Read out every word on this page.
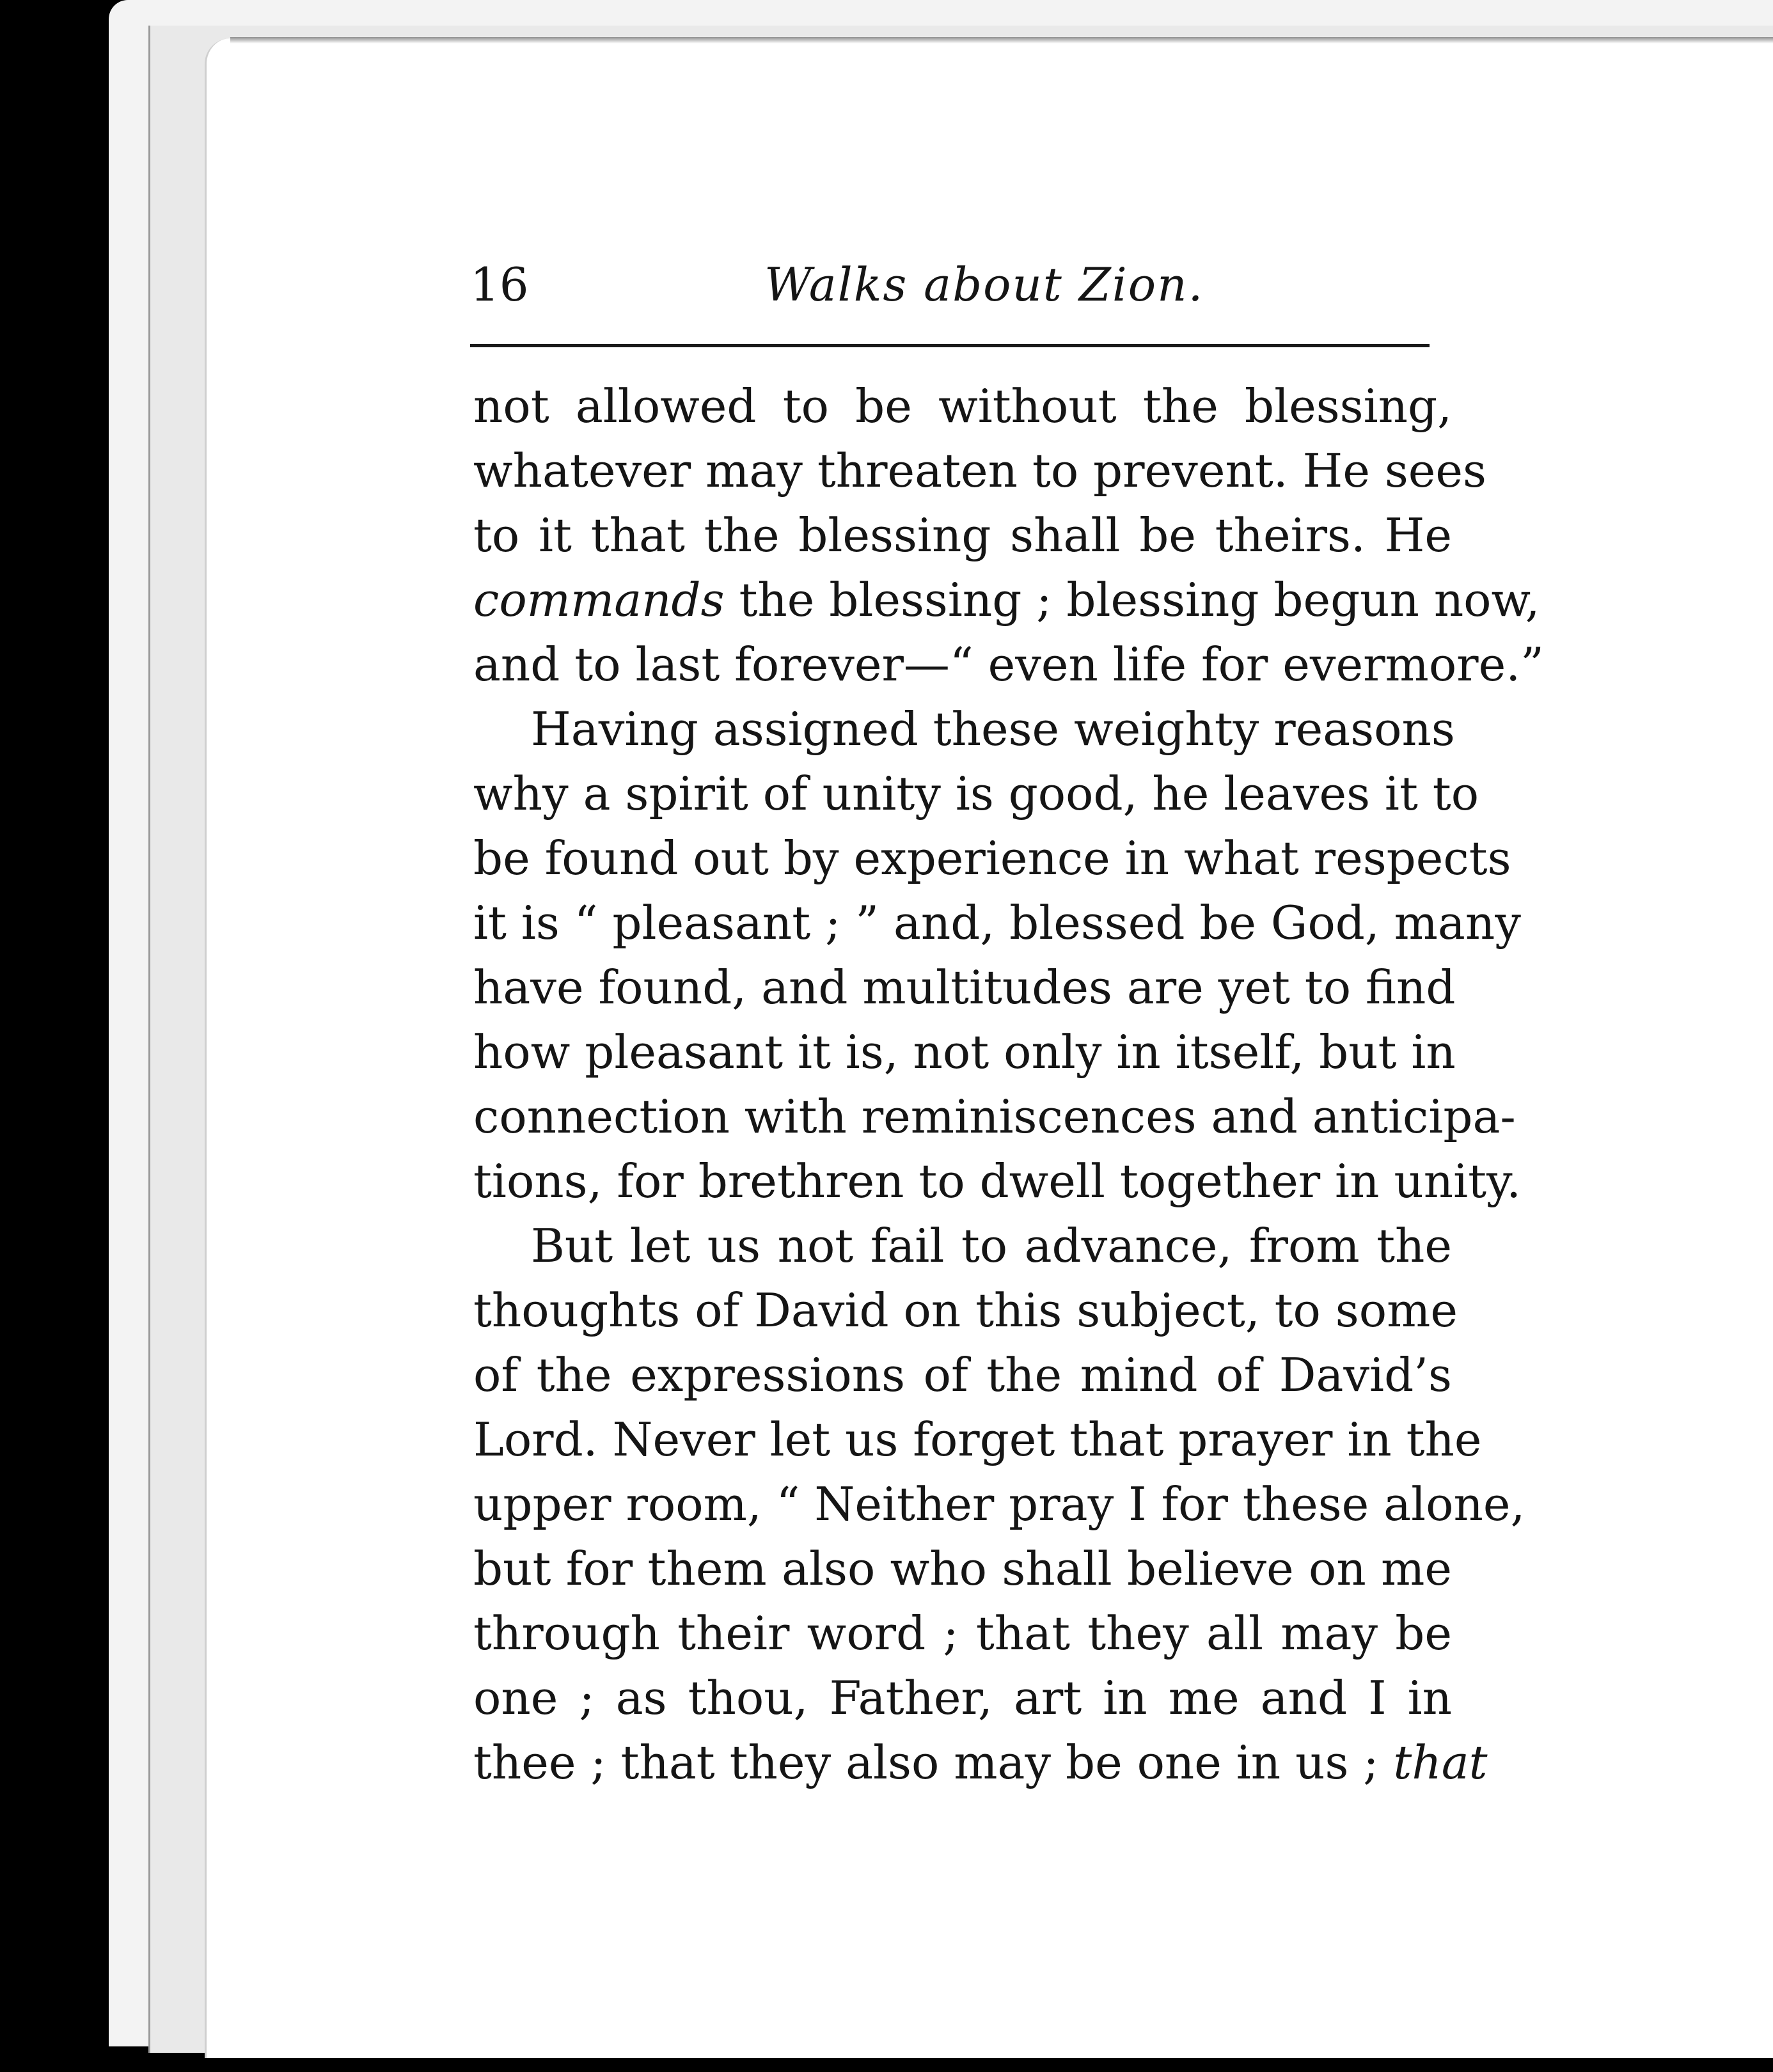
16	Walks about Zion.
not allowed to be without the blessing,
whatever may threaten to prevent. He sees
to it that the blessing shall be theirs. He
commands the blessing ; blessing begun now,
and to last forever—“ even life for evermore.”
Having assigned these weighty reasons
why a spirit of unity is good, he leaves it to
be found out by experience in what respects
it is “ pleasant ; ” and, blessed be God, many
have found, and multitudes are yet to find
how pleasant it is, not only in itself, but in
connection with reminiscences and anticipa-
tions, for brethren to dwell together in unity.
But let us not fail to advance, from the
thoughts of David on this subject, to some
of the expressions of the mind of David’s
Lord. Never let us forget that prayer in the
upper room, “ Neither pray I for these alone,
but for them also who shall believe on me
through their word ; that they all may be
one ; as thou, Father, art in me and I in
thee ; that they also may be one in us ; that
